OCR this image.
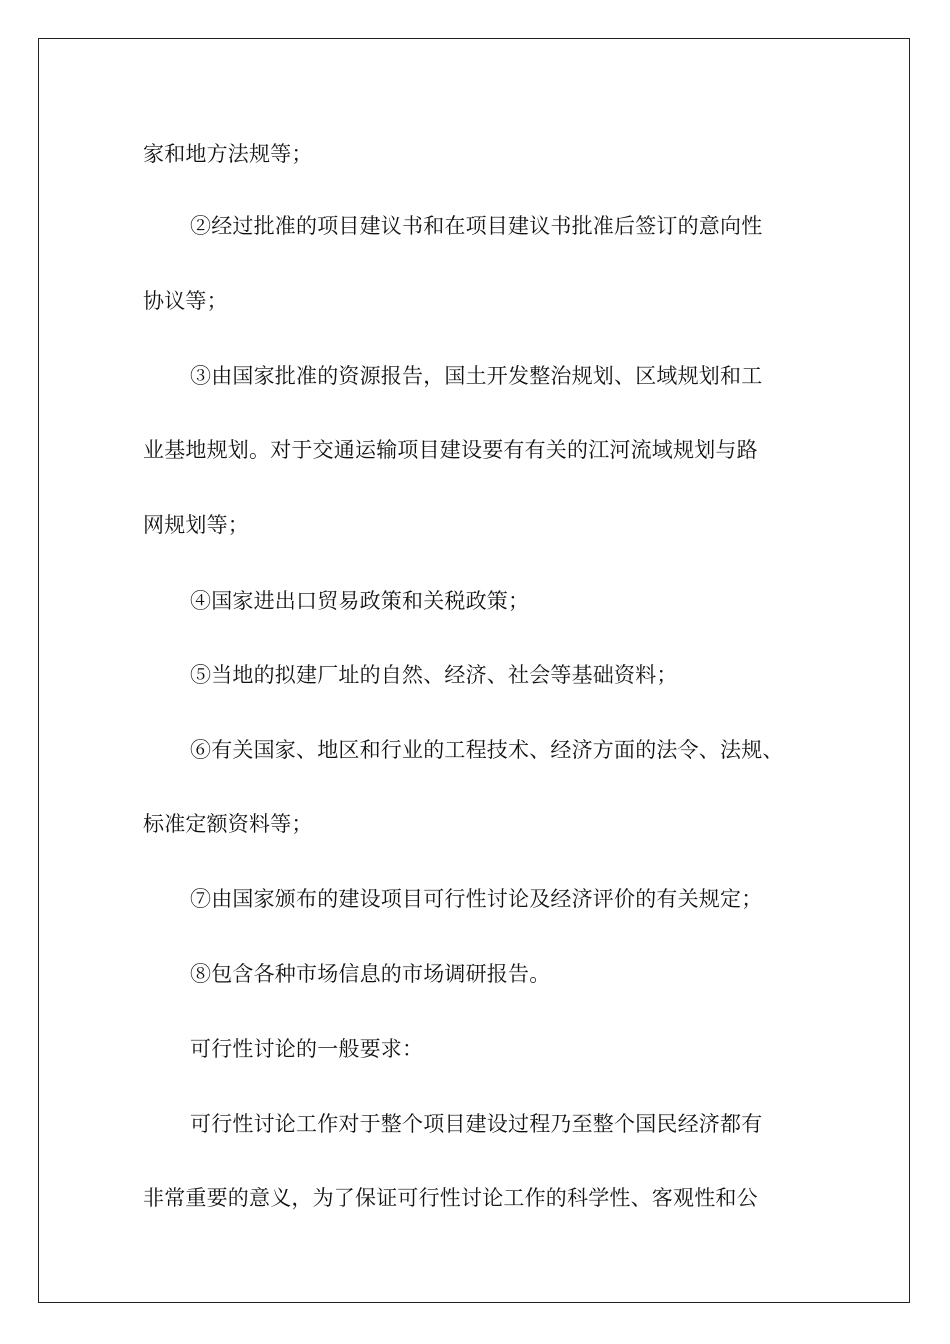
家和地方法规等；
②经过批准的项目建议书和在项目建议书批准后签订的意向性
协议等；
③由国家批准的资源报告，国土开发整治规划、区域规划和工
业基地规划。对于交通运输项目建设要有有关的江河流域规划与路
网规划等；
④国家进出口贸易政策和关税政策；
⑤当地的拟建厂址的自然、经济、社会等基础资料；
⑥有关国家、地区和行业的工程技术、经济方面的法令、法规、
标准定额资料等；
⑦由国家颁布的建设项目可行性讨论及经济评价的有关规定；
⑧包含各种市场信息的市场调研报告。
可行性讨论的一般要求：
可行性讨论工作对于整个项目建设过程乃至整个国民经济都有
非常重要的意义，为了保证可行性讨论工作的科学性、客观性和公
